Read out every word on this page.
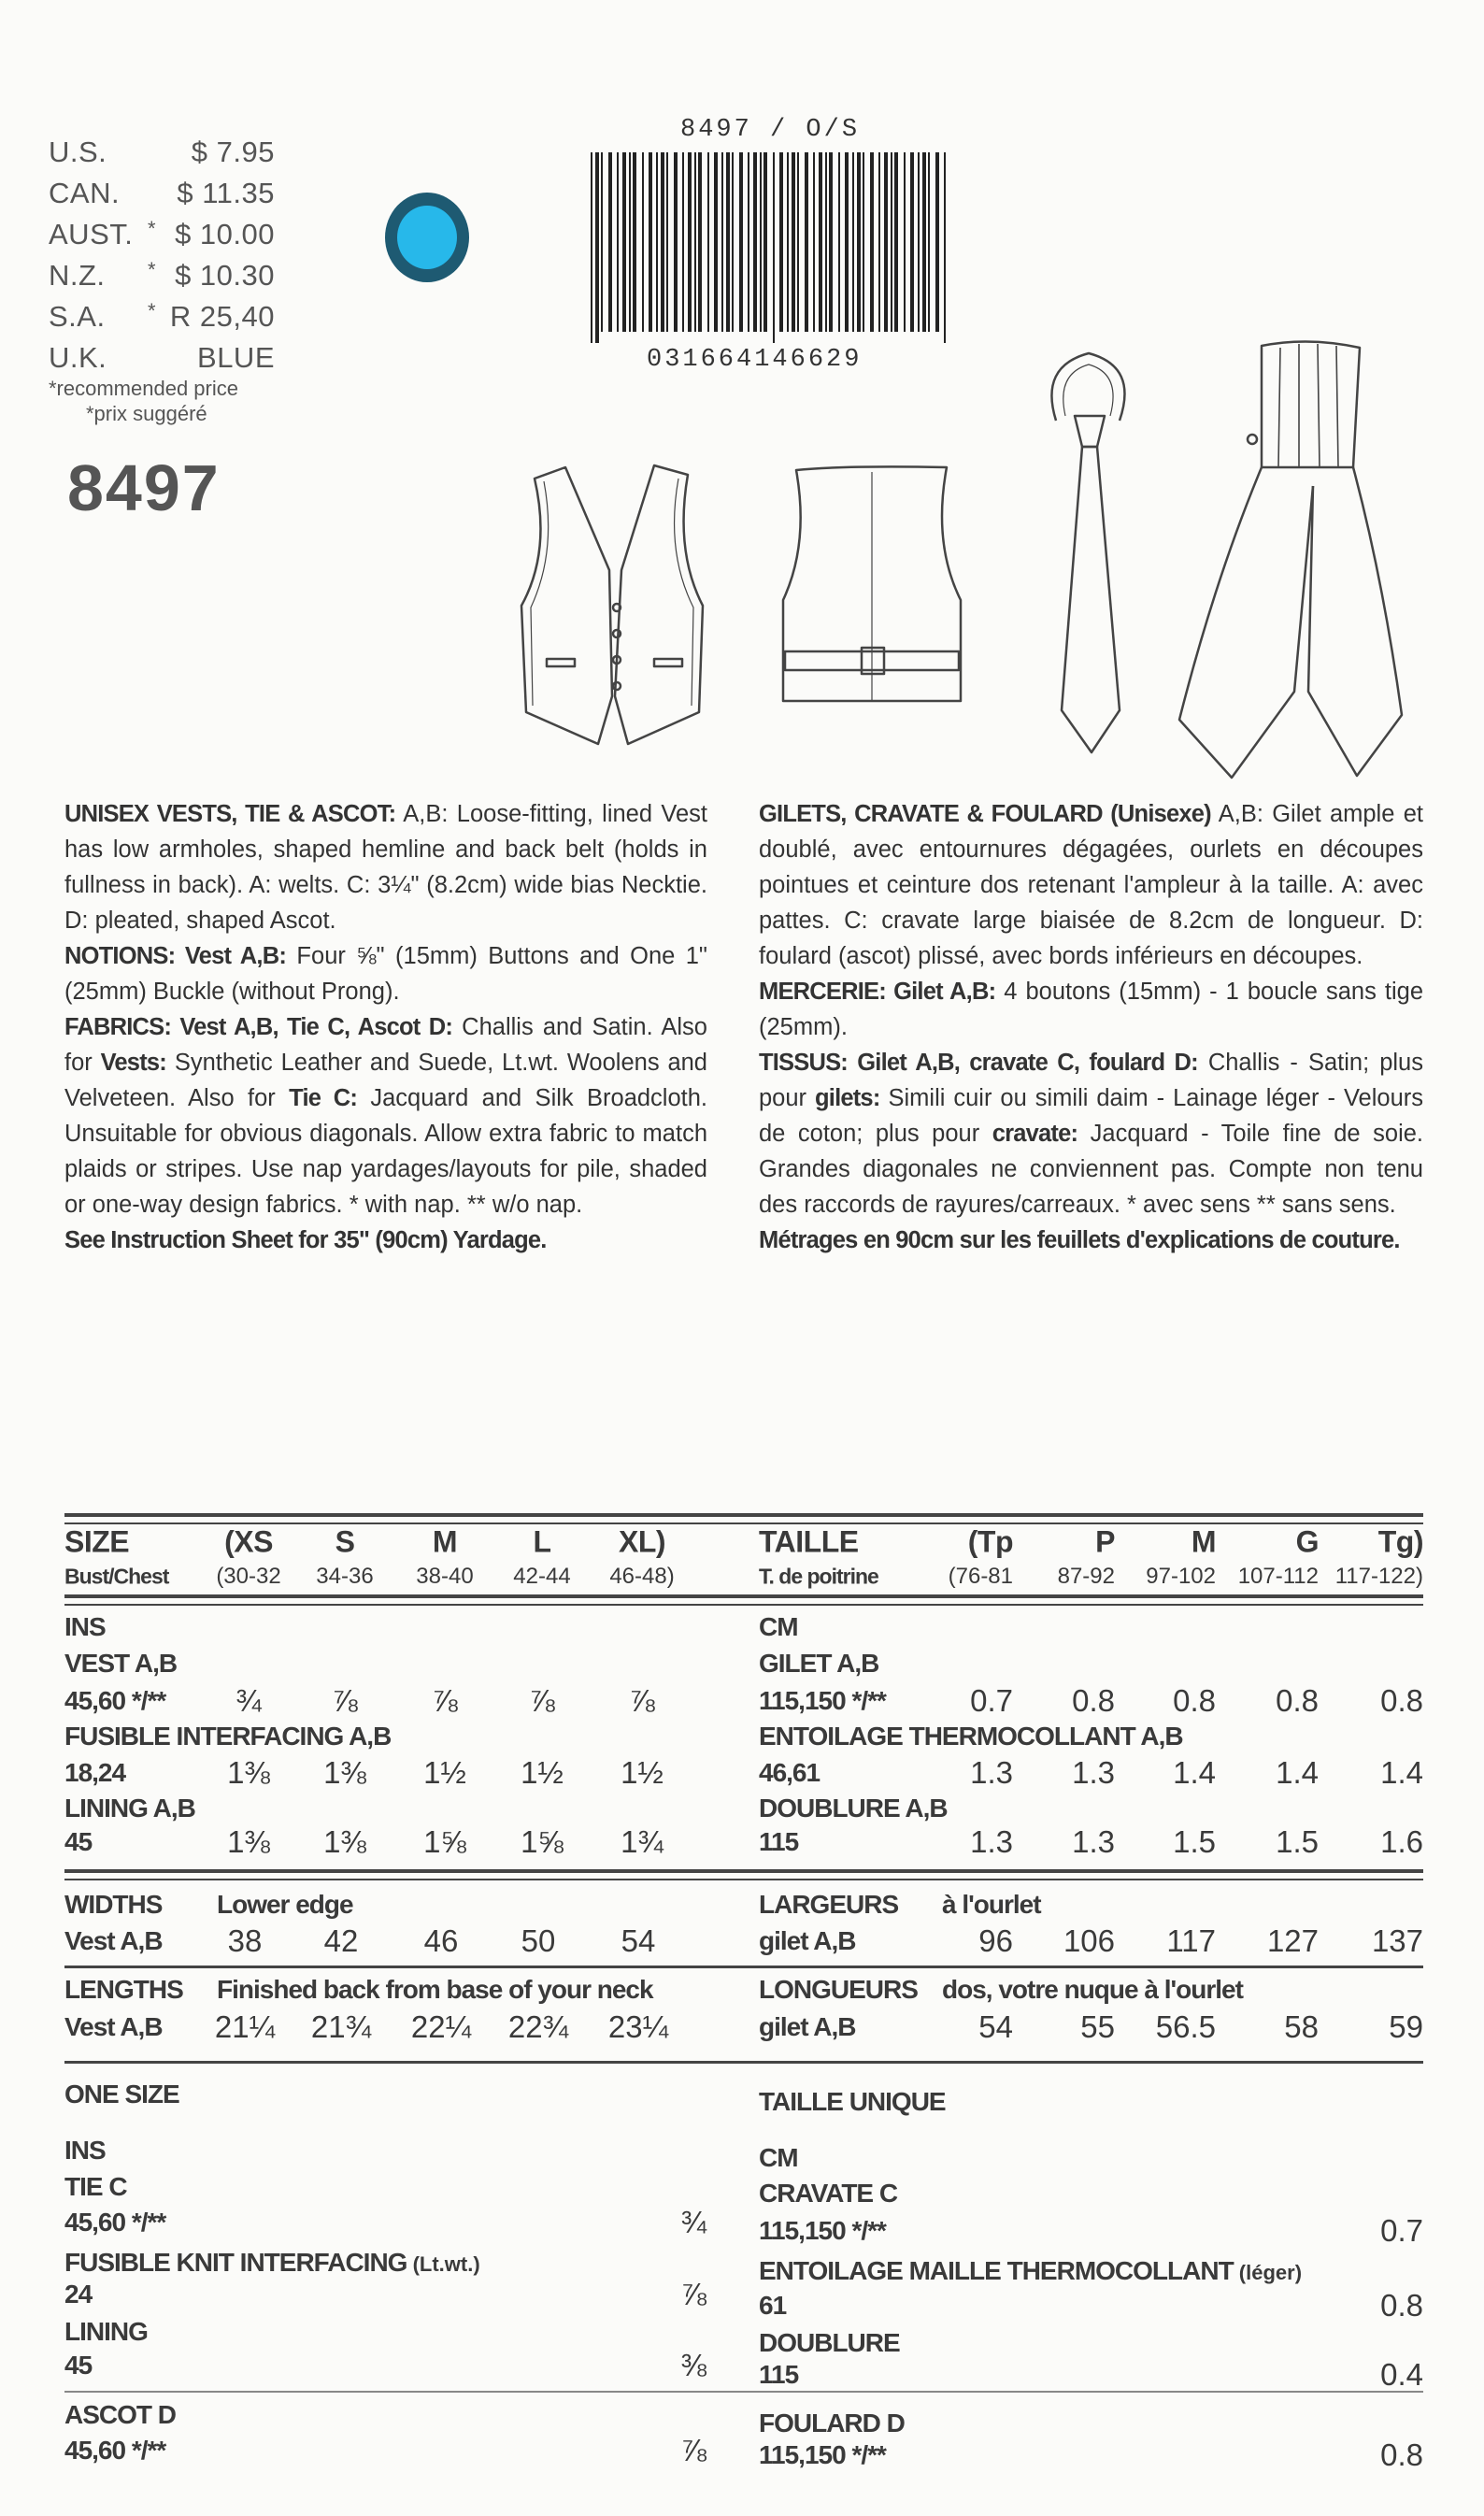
U.S.	$ 7.95
CAN. $ 11.35
AUST. * $ 10.00
N.Z. * $ 10.30
S.A. * R 25,40
U.K.	BLUE
*recommended price
*prix suggéré
8497
8497 / O/S
031664146629

UNISEX VESTS, TIE & ASCOT: A,B: Loose-fitting, lined Vest has low armholes, shaped hemline and back belt (holds in fullness in back). A: welts. C: 3¼" (8.2cm) wide bias Necktie. D: pleated, shaped Ascot.

NOTIONS: Vest A,B: Four ⅝" (15mm) Buttons and One 1" (25mm) Buckle (without Prong).

FABRICS: Vest A,B, Tie C, Ascot D: Challis and Satin. Also for Vests: Synthetic Leather and Suede, Lt.wt. Woolens and Velveteen. Also for Tie C: Jacquard and Silk Broadcloth. Unsuitable for obvious diagonals. Allow extra fabric to match plaids or stripes. Use nap yardages/layouts for pile, shaded or one-way design fabrics. * with nap. ** w/o nap.

See Instruction Sheet for 35" (90cm) Yardage.

GILETS, CRAVATE & FOULARD (Unisexe) A,B: Gilet ample et doublé, avec entournures dégagées, ourlets en découpes pointues et ceinture dos retenant l'ampleur à la taille. A: avec pattes. C: cravate large biaisée de 8.2cm de longueur. D: foulard (ascot) plissé, avec bords inférieurs en découpes.

MERCERIE: Gilet A,B: 4 boutons (15mm) - 1 boucle sans tige (25mm).

TISSUS: Gilet A,B, cravate C, foulard D: Challis - Satin; plus pour gilets: Simili cuir ou simili daim - Lainage léger - Velours de coton; plus pour cravate: Jacquard - Toile fine de soie. Grandes diagonales ne conviennent pas. Compte non tenu des raccords de rayures/carreaux. * avec sens ** sans sens.

Métrages en 90cm sur les feuillets d'explications de couture.

SIZE	(XS S	M	L XL)
Bust/Chest (30-32 34-36 38-40 42-44 46-48)
INS
VEST A,B
45,60 */** ¾ ⅞ ⅞ ⅞ ⅞
FUSIBLE INTERFACING A,B
18,24	1⅜ 1⅜ 1½ 1½ 1½
LINING A,B
45	1⅜ 1⅜ 1⅝ 1⅝ 1¾
WIDTHS Lower edge
Vest A,B 38 42 46 50 54
LENGTHS Finished back from base of your neck
Vest A,B 21¼ 21¾ 22¼ 22¾ 23¼
TAILLE	(Tp	P	M	G Tg)
T. de poitrine	(76-81 87-92 97-102 107-112 117-122)
CM
GILET A,B
115,150 */**	0.7 0.8 0.8 0.8 0.8
ENTOILAGE THERMOCOLLANT A,B
46,61	1.3 1.3 1.4 1.4 1.4
DOUBLURE A,B
115	1.3 1.3 1.5 1.5 1.6
LARGEURS à l'ourlet
gilet A,B	96 106 117 127 137
LONGUEURS dos, votre nuque à l'ourlet
gilet A,B	54 55 56.5 58 59
ONE SIZE
INS
TIE C
45,60 */**	¾
FUSIBLE KNIT INTERFACING (Lt.wt.)
24	⅞
LINING
45	⅜
ASCOT D
45,60 */**	⅞
TAILLE UNIQUE
CM
CRAVATE C
115,150 */**	0.7
ENTOILAGE MAILLE THERMOCOLLANT (léger)
61	0.8
DOUBLURE
115	0.4
FOULARD D
115,150 */**	0.8
